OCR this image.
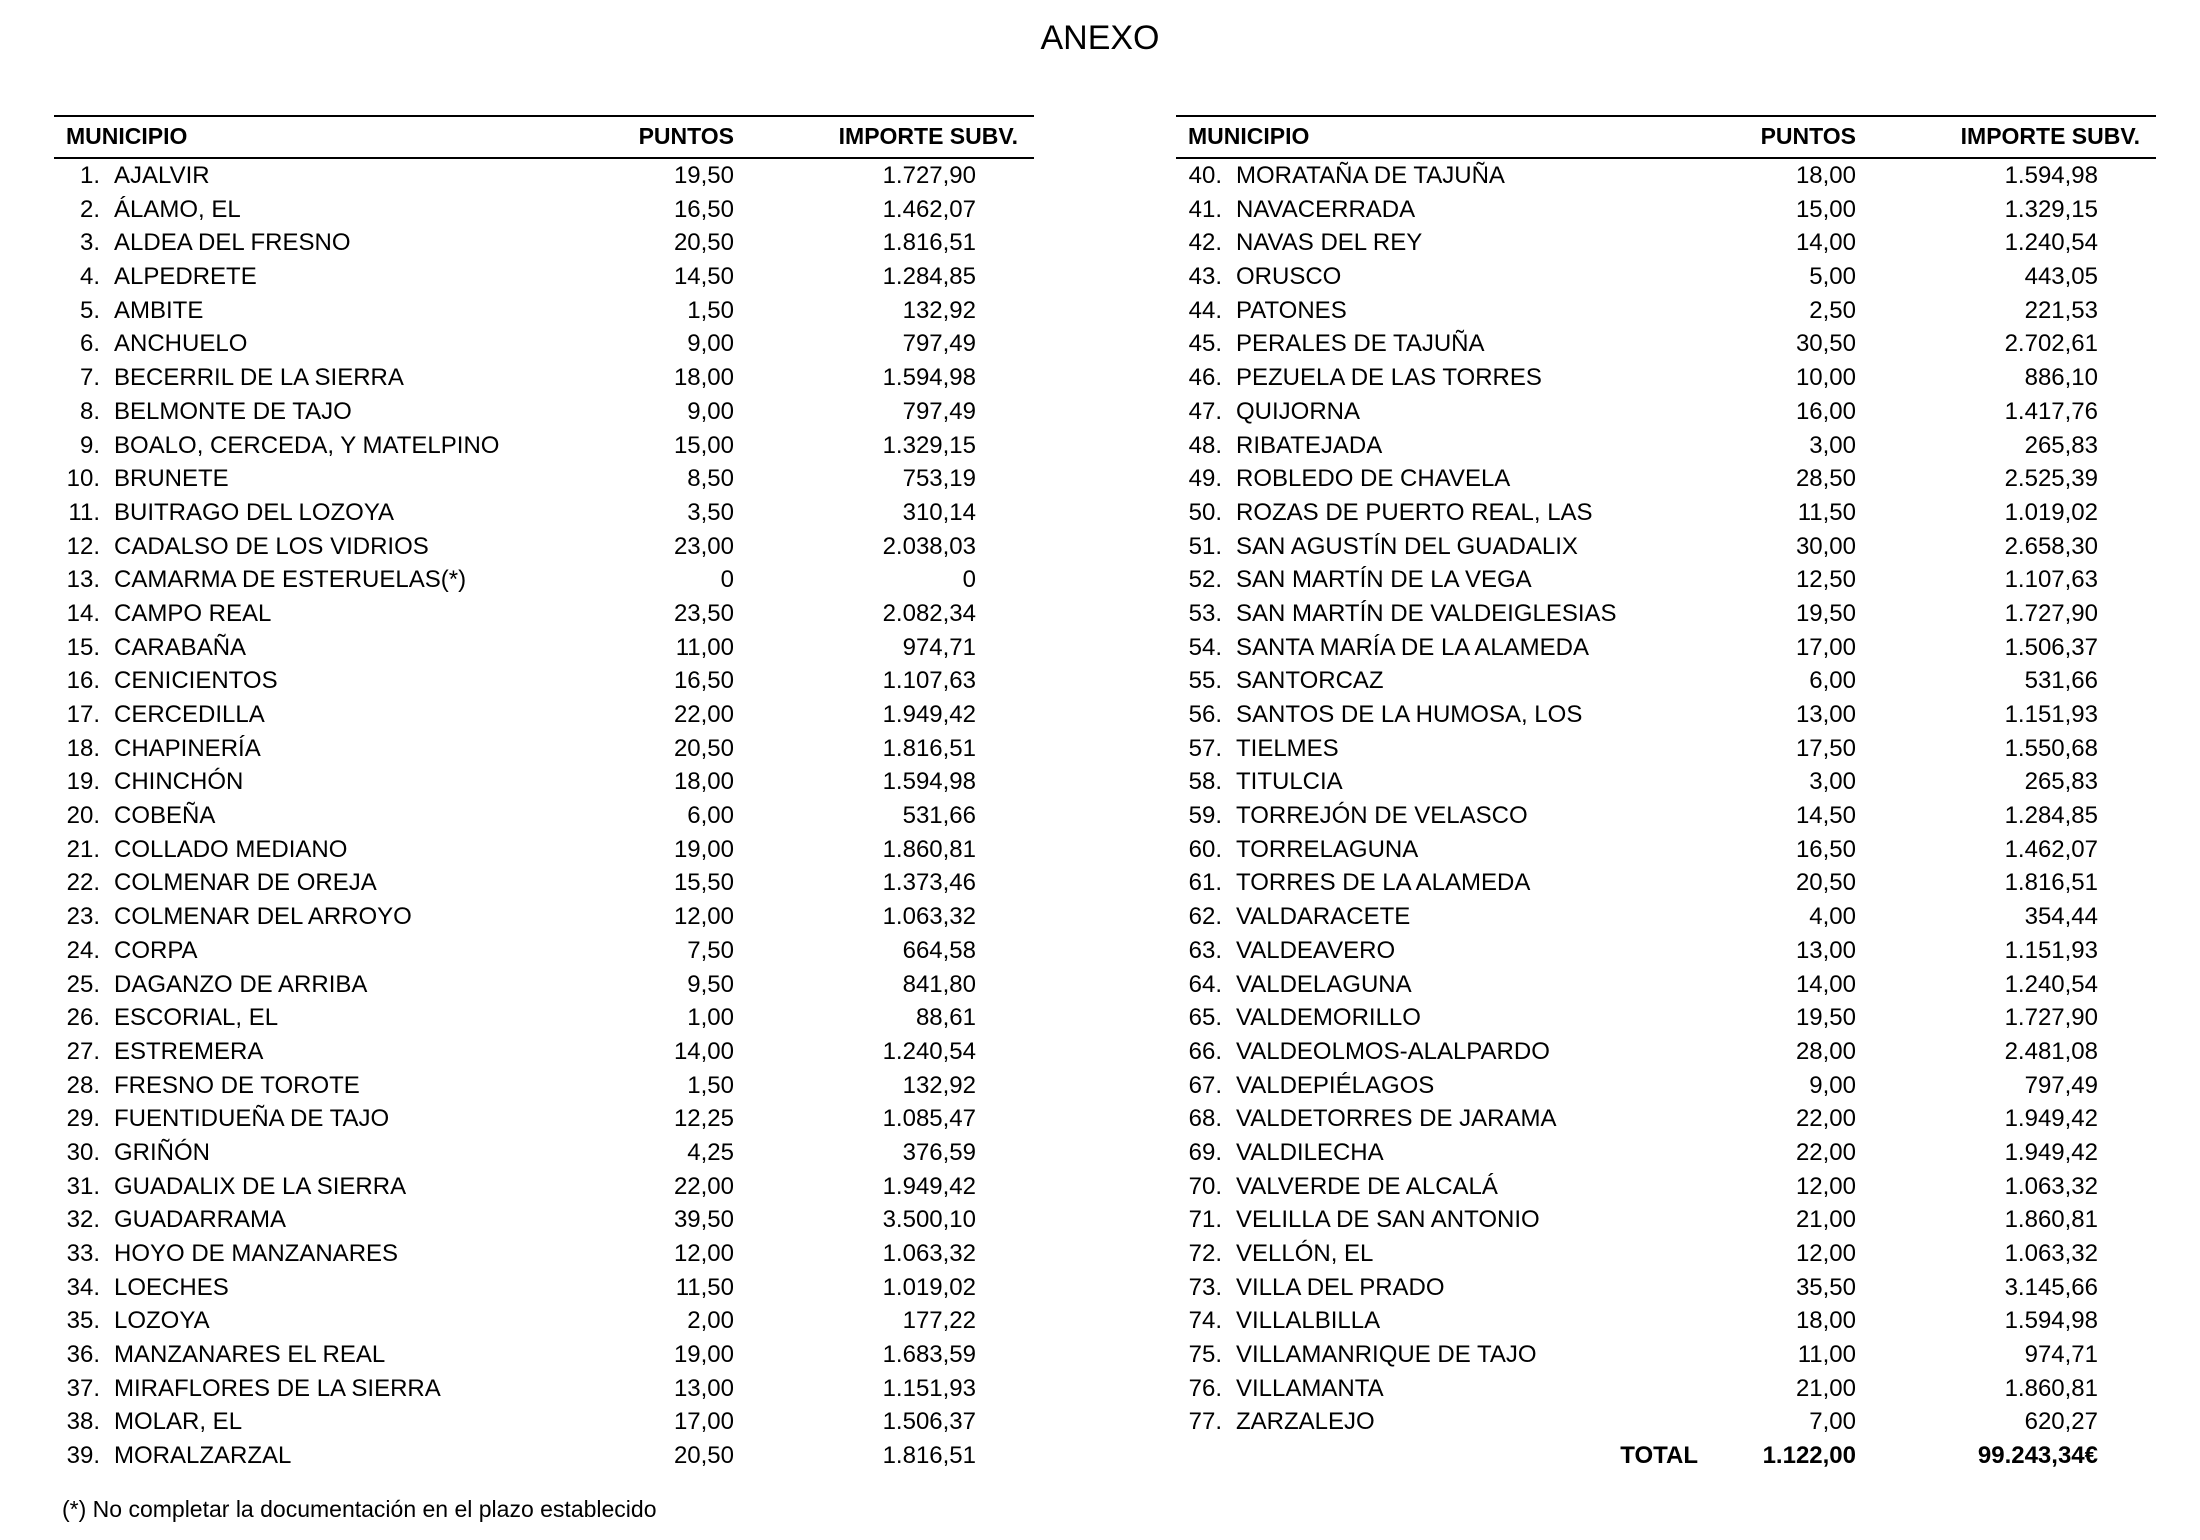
ANEXO
MUNICIPIO	PUNTOS	IMPORTE SUBV.
1. AJALVIR	19,50	1.727,90
2. ÁLAMO, EL	16,50	1.462,07
3. ALDEA DEL FRESNO	20,50	1.816,51
4. ALPEDRETE	14,50	1.284,85
5. AMBITE	1,50	132,92
6. ANCHUELO	9,00	797,49
7. BECERRIL DE LA SIERRA	18,00	1.594,98
8. BELMONTE DE TAJO	9,00	797,49
9. BOALO, CERCEDA, Y MATELPINO	15,00	1.329,15
10. BRUNETE	8,50	753,19
11. BUITRAGO DEL LOZOYA	3,50	310,14
12. CADALSO DE LOS VIDRIOS	23,00	2.038,03
13. CAMARMA DE ESTERUELAS(*)	0	0
14. CAMPO REAL	23,50	2.082,34
15. CARABAÑA	11,00	974,71
16. CENICIENTOS	16,50	1.107,63
17. CERCEDILLA	22,00	1.949,42
18. CHAPINERÍA	20,50	1.816,51
19. CHINCHÓN	18,00	1.594,98
20. COBEÑA	6,00	531,66
21. COLLADO MEDIANO	19,00	1.860,81
22. COLMENAR DE OREJA	15,50	1.373,46
23. COLMENAR DEL ARROYO	12,00	1.063,32
24. CORPA	7,50	664,58
25. DAGANZO DE ARRIBA	9,50	841,80
26. ESCORIAL, EL	1,00	88,61
27. ESTREMERA	14,00	1.240,54
28. FRESNO DE TOROTE	1,50	132,92
29. FUENTIDUEÑA DE TAJO	12,25	1.085,47
30. GRIÑÓN	4,25	376,59
31. GUADALIX DE LA SIERRA	22,00	1.949,42
32. GUADARRAMA	39,50	3.500,10
33. HOYO DE MANZANARES	12,00	1.063,32
34. LOECHES	11,50	1.019,02
35. LOZOYA	2,00	177,22
36. MANZANARES EL REAL	19,00	1.683,59
37. MIRAFLORES DE LA SIERRA	13,00	1.151,93
38. MOLAR, EL	17,00	1.506,37
39. MORALZARZAL	20,50	1.816,51
MUNICIPIO	PUNTOS	IMPORTE SUBV.
40. MORATAÑA DE TAJUÑA	18,00	1.594,98
41. NAVACERRADA	15,00	1.329,15
42. NAVAS DEL REY	14,00	1.240,54
43. ORUSCO	5,00	443,05
44. PATONES	2,50	221,53
45. PERALES DE TAJUÑA	30,50	2.702,61
46. PEZUELA DE LAS TORRES	10,00	886,10
47. QUIJORNA	16,00	1.417,76
48. RIBATEJADA	3,00	265,83
49. ROBLEDO DE CHAVELA	28,50	2.525,39
50. ROZAS DE PUERTO REAL, LAS	11,50	1.019,02
51. SAN AGUSTÍN DEL GUADALIX	30,00	2.658,30
52. SAN MARTÍN DE LA VEGA	12,50	1.107,63
53. SAN MARTÍN DE VALDEIGLESIAS	19,50	1.727,90
54. SANTA MARÍA DE LA ALAMEDA	17,00	1.506,37
55. SANTORCAZ	6,00	531,66
56. SANTOS DE LA HUMOSA, LOS	13,00	1.151,93
57. TIELMES	17,50	1.550,68
58. TITULCIA	3,00	265,83
59. TORREJÓN DE VELASCO	14,50	1.284,85
60. TORRELAGUNA	16,50	1.462,07
61. TORRES DE LA ALAMEDA	20,50	1.816,51
62. VALDARACETE	4,00	354,44
63. VALDEAVERO	13,00	1.151,93
64. VALDELAGUNA	14,00	1.240,54
65. VALDEMORILLO	19,50	1.727,90
66. VALDEOLMOS-ALALPARDO	28,00	2.481,08
67. VALDEPIÉLAGOS	9,00	797,49
68. VALDETORRES DE JARAMA	22,00	1.949,42
69. VALDILECHA	22,00	1.949,42
70. VALVERDE DE ALCALÁ	12,00	1.063,32
71. VELILLA DE SAN ANTONIO	21,00	1.860,81
72. VELLÓN, EL	12,00	1.063,32
73. VILLA DEL PRADO	35,50	3.145,66
74. VILLALBILLA	18,00	1.594,98
75. VILLAMANRIQUE DE TAJO	11,00	974,71
76. VILLAMANTA	21,00	1.860,81
77. ZARZALEJO	7,00	620,27
TOTAL	1.122,00	99.243,34€
(*) No completar la documentación en el plazo establecido
